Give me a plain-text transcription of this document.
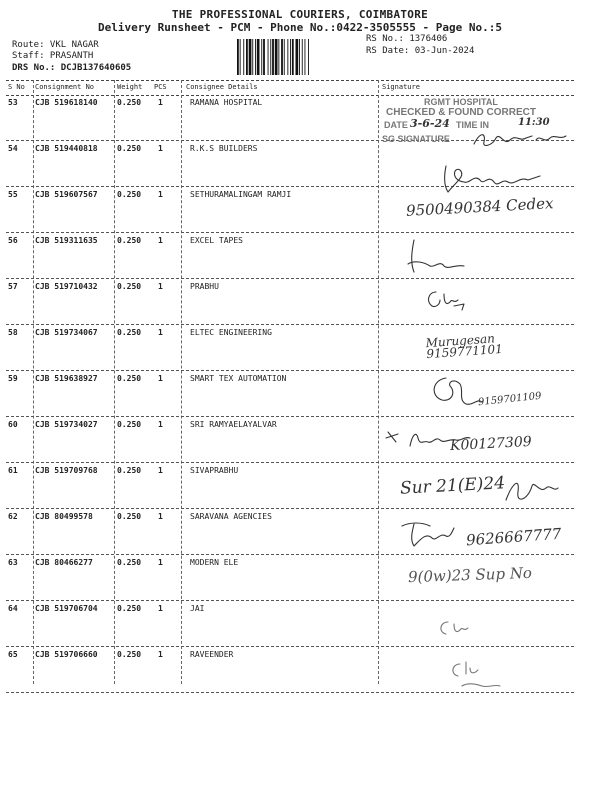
THE PROFESSIONAL COURIERS, COIMBATORE
Delivery Runsheet - PCM - Phone No.:0422-3505555 - Page No.:5
Route: VKL NAGAR
Staff: PRASANTH
DRS No.: DCJB137640605
RS No.: 1376406
RS Date: 03-Jun-2024
S No Consignment No	Weight PCS	Consignee Details	Signature
53 CJB 519618140 0.250 1	RAMANA HOSPITAL
54 CJB 519440818 0.250 1	R.K.S BUILDERS
55 CJB 519607567 0.250 1	SETHURAMALINGAM RAMJI
56 CJB 519311635 0.250 1	EXCEL TAPES
57 CJB 519710432 0.250 1	PRABHU
58 CJB 519734067 0.250 1	ELTEC ENGINEERING
59 CJB 519638927 0.250 1	SMART TEX AUTOMATION
60 CJB 519734027 0.250 1	SRI RAMYAELAYALVAR
61 CJB 519709768 0.250 1	SIVAPRABHU
62 CJB 80499578	0.250 1	SARAVANA AGENCIES
63 CJB 80466277	0.250 1	MODERN ELE
64 CJB 519706704 0.250 1	JAI
65 CJB 519706660 0.250 1	RAVEENDER
RGMT HOSPITAL
CHECKED & FOUND CORRECT
DATE 3-6-24 TIME IN	11:30
SG SIGNATURE
9500490384 Cedex
Murugesan 9159771101
9159701109
K00127309
Sur 21(E)24
9626667777
9(0w)23 Sup No
